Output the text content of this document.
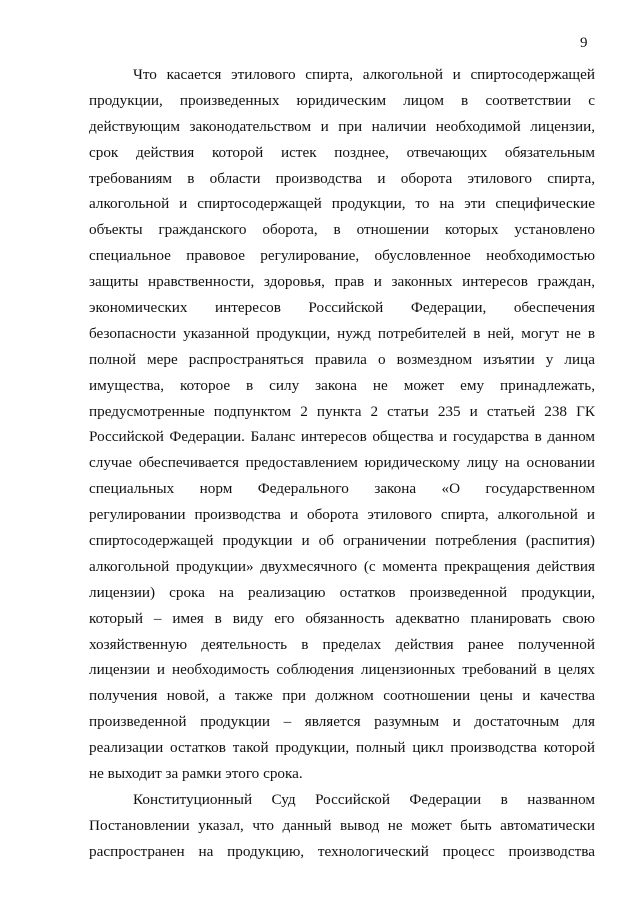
9

Что касается этилового спирта, алкогольной и спиртосодержащей
продукции, произведенных юридическим лицом в соответствии с
действующим законодательством и при наличии необходимой лицензии,
срок действия которой истек позднее, отвечающих обязательным
требованиям в области производства и оборота этилового спирта,
алкогольной и спиртосодержащей продукции, то на эти специфические
объекты гражданского оборота, в отношении которых установлено
специальное правовое регулирование, обусловленное необходимостью
защиты нравственности, здоровья, прав и законных интересов граждан,
экономических интересов Российской Федерации, обеспечения
безопасности указанной продукции, нужд потребителей в ней, могут не в
полной мере распространяться правила о возмездном изъятии у лица
имущества, которое в силу закона не может ему принадлежать,
предусмотренные подпунктом 2 пункта 2 статьи 235 и статьей 238 ГК
Российской Федерации. Баланс интересов общества и государства в данном
случае обеспечивается предоставлением юридическому лицу на основании
специальных норм Федерального закона «О государственном
регулировании производства и оборота этилового спирта, алкогольной и
спиртосодержащей продукции и об ограничении потребления (распития)
алкогольной продукции» двухмесячного (с момента прекращения действия
лицензии) срока на реализацию остатков произведенной продукции,
который – имея в виду его обязанность адекватно планировать свою
хозяйственную деятельность в пределах действия ранее полученной
лицензии и необходимость соблюдения лицензионных требований в целях
получения новой, а также при должном соотношении цены и качества
произведенной продукции – является разумным и достаточным для
реализации остатков такой продукции, полный цикл производства которой
не выходит за рамки этого срока.

Конституционный Суд Российской Федерации в названном
Постановлении указал, что данный вывод не может быть автоматически
распространен на продукцию, технологический процесс производства
